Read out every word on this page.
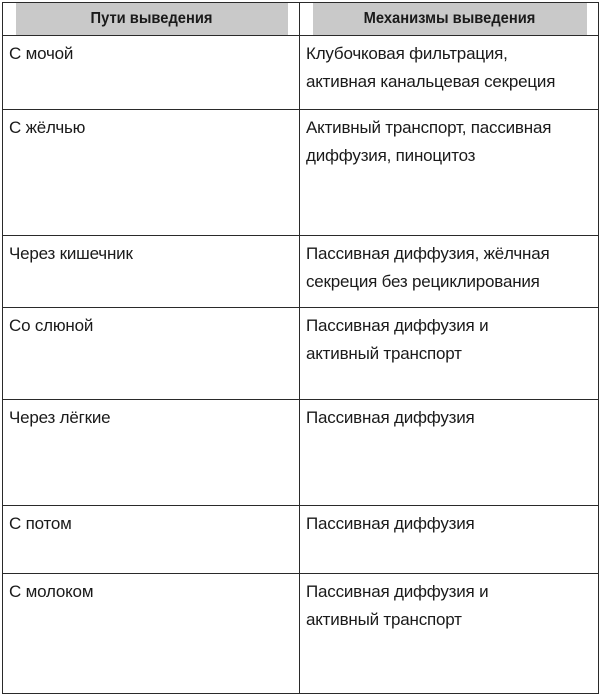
Пути выведения	Механизмы выведения

С мочой	Клубочковая фильтрация,
активная канальцевая секреция

С жёлчью	Активный транспорт, пассивная
диффузия, пиноцитоз

Через кишечник	Пассивная диффузия, жёлчная
секреция без рециклирования

Со слюной	Пассивная диффузия и
активный транспорт

Через лёгкие	Пассивная диффузия

С потом	Пассивная диффузия

С молоком	Пассивная диффузия и
активный транспорт
